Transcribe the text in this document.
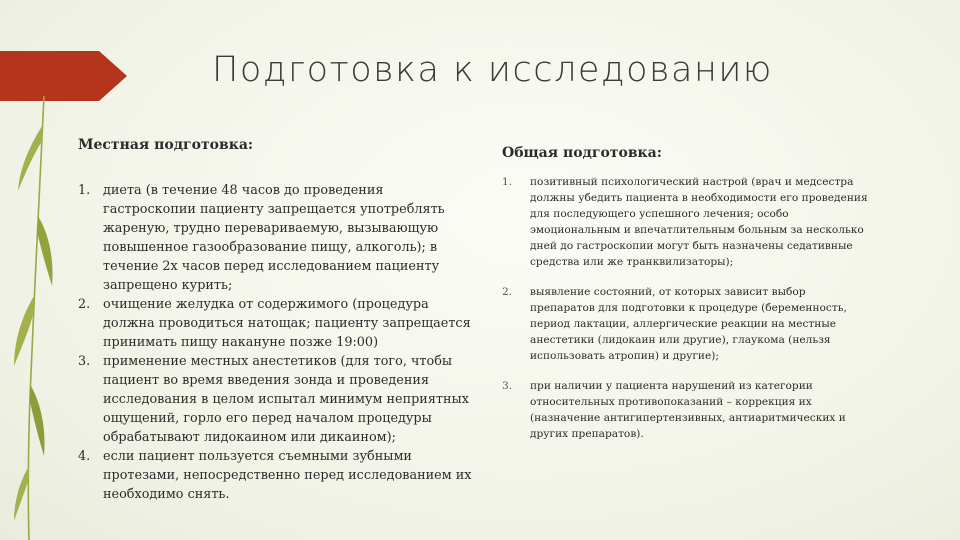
Подготовка к исследованию
Местная подготовка:
1. диета (в течение 48 часов до проведения гастроскопии пациенту запрещается употреблять жареную, трудно перевариваемую, вызывающую повышенное газообразование пищу, алкоголь); в течение 2х часов перед исследованием пациенту запрещено курить;
2. очищение желудка от содержимого (процедура должна проводиться натощак; пациенту запрещается принимать пищу накануне позже 19:00)
3. применение местных анестетиков (для того, чтобы пациент во время введения зонда и проведения исследования в целом испытал минимум неприятных ощущений, горло его перед началом процедуры обрабатывают лидокаином или дикаином);
4. если пациент пользуется съемными зубными протезами, непосредственно перед исследованием их необходимо снять.
Общая подготовка:
1. позитивный психологический настрой (врач и медсестра должны убедить пациента в необходимости его проведения для последующего успешного лечения; особо эмоциональным и впечатлительным больным за несколько дней до гастроскопии могут быть назначены седативные средства или же транквилизаторы);
2. выявление состояний, от которых зависит выбор препаратов для подготовки к процедуре (беременность, период лактации, аллергические реакции на местные анестетики (лидокаин или другие), глаукома (нельзя использовать атропин) и другие);
3. при наличии у пациента нарушений из категории относительных противопоказаний – коррекция их (назначение антигипертензивных, антиаритмических и других препаратов).
